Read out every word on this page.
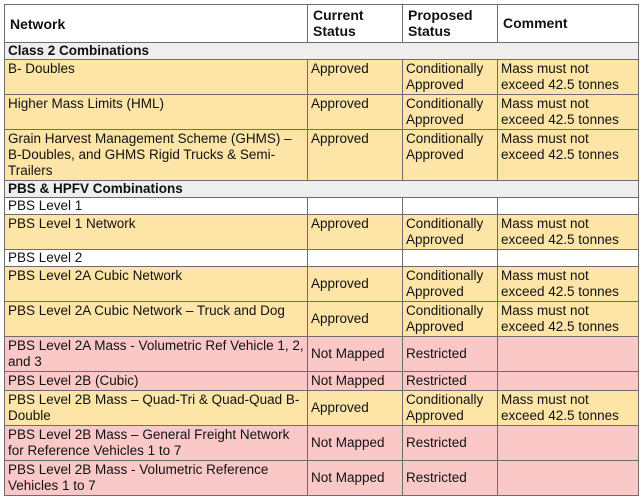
Network	Current Status	Proposed Status	Comment
Class 2 Combinations			
B- Doubles	Approved	Conditionally Approved	Mass must not exceed 42.5 tonnes
Higher Mass Limits (HML)	Approved	Conditionally Approved	Mass must not exceed 42.5 tonnes
Grain Harvest Management Scheme (GHMS) – B-Doubles, and GHMS Rigid Trucks & Semi-Trailers	Approved	Conditionally Approved	Mass must not exceed 42.5 tonnes
PBS & HPFV Combinations			
PBS Level 1			
PBS Level 1 Network	Approved	Conditionally Approved	Mass must not exceed 42.5 tonnes
PBS Level 2			
PBS Level 2A Cubic Network	Approved	Conditionally Approved	Mass must not exceed 42.5 tonnes
PBS Level 2A Cubic Network – Truck and Dog	Approved	Conditionally Approved	Mass must not exceed 42.5 tonnes
PBS Level 2A Mass - Volumetric Ref Vehicle 1, 2, and 3	Not Mapped	Restricted	
PBS Level 2B (Cubic)	Not Mapped	Restricted	
PBS Level 2B Mass – Quad-Tri & Quad-Quad B-Double	Approved	Conditionally Approved	Mass must not exceed 42.5 tonnes
PBS Level 2B Mass – General Freight Network for Reference Vehicles 1 to 7	Not Mapped	Restricted	
PBS Level 2B Mass - Volumetric Reference Vehicles 1 to 7	Not Mapped	Restricted	
